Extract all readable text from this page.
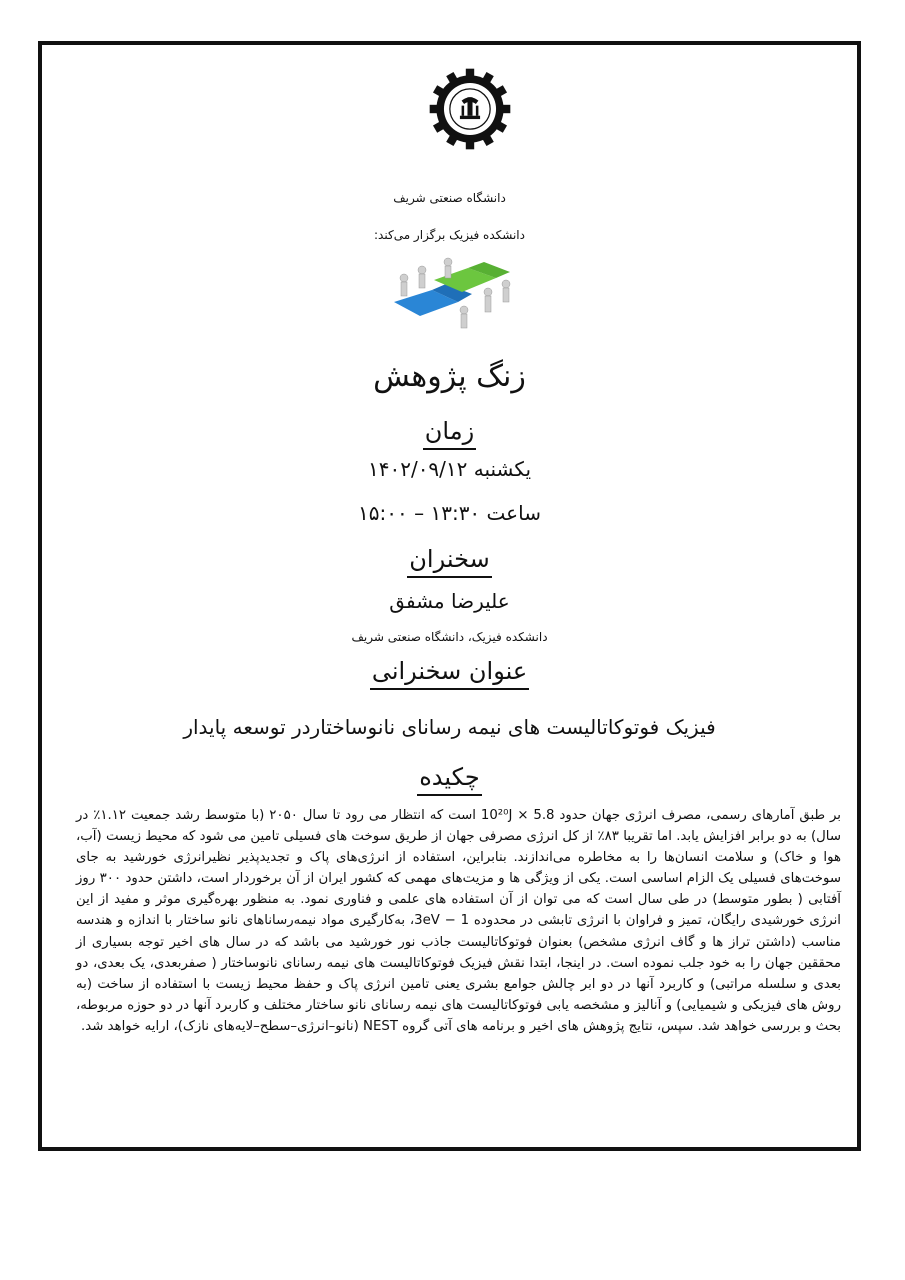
دانشگاه صنعتی شریف
دانشکده فیزیک برگزار می‌کند:
زنگ پژوهش
زمان
یکشنبه ۱۴۰۲/۰۹/۱۲
ساعت ۱۳:۳۰ – ۱۵:۰۰
سخنران
علیرضا مشفق
دانشکده فیزیک، دانشگاه صنعتی شریف
عنوان سخنرانی
فیزیک فوتوکاتالیست های نیمه رسانای نانوساختاردر توسعه پایدار
چکیده
بر طبق آمارهای رسمی، مصرف انرژی جهان حدود 5.8 × 10²⁰J است که انتظار می رود تا سال ۲۰۵۰ (با متوسط رشد جمعیت ۱.۱۲٪ در سال) به دو برابر افزایش یابد. اما تقریبا ۸۳٪ از کل انرژی مصرفی جهان از طریق سوخت های فسیلی تامین می شود که محیط زیست (آب، هوا و خاک) و سلامت انسان‌ها را به مخاطره می‌اندازند. بنابراین، استفاده از انرژی‌های پاک و تجدیدپذیر نظیرانرژی خورشید به جای سوخت‌های فسیلی یک الزام اساسی است. یکی از ویژگی ها و مزیت‌های مهمی که کشور ایران از آن برخوردار است، داشتن حدود ۳۰۰ روز آفتابی ( بطور متوسط) در طی سال است که می توان از آن استفاده های علمی و فناوری نمود. به منظور بهره‌گیری موثر و مفید از این انرژی خورشیدی رایگان، تمیز و فراوان با انرژی تابشی در محدوده 1 − 3eV، به‌کارگیری مواد نیمه‌رساناهای نانو ساختار با اندازه و هندسه مناسب (داشتن تراز ها و گاف انرژی مشخص) بعنوان فوتوکاتالیست جاذب نور خورشید می باشد که در سال های اخیر توجه بسیاری از محققین جهان را به خود جلب نموده است. در اینجا، ابتدا نقش فیزیک فوتوکاتالیست های نیمه رسانای نانوساختار ( صفربعدی، یک بعدی، دو بعدی و سلسله مراتبی) و کاربرد آنها در دو ابر چالش جوامع بشری یعنی تامین انرژی پاک و حفظ محیط زیست با استفاده از ساخت (به روش های فیزیکی و شیمیایی) و آنالیز و مشخصه یابی فوتوکاتالیست های نیمه رسانای نانو ساختار مختلف و کاربرد آنها در دو حوزه مربوطه، بحث و بررسی خواهد شد. سپس، نتایج پژوهش های اخیر و برنامه های آتی گروه NEST (نانو–انرژی–سطح–لایه‌های نازک)، ارایه خواهد شد.
